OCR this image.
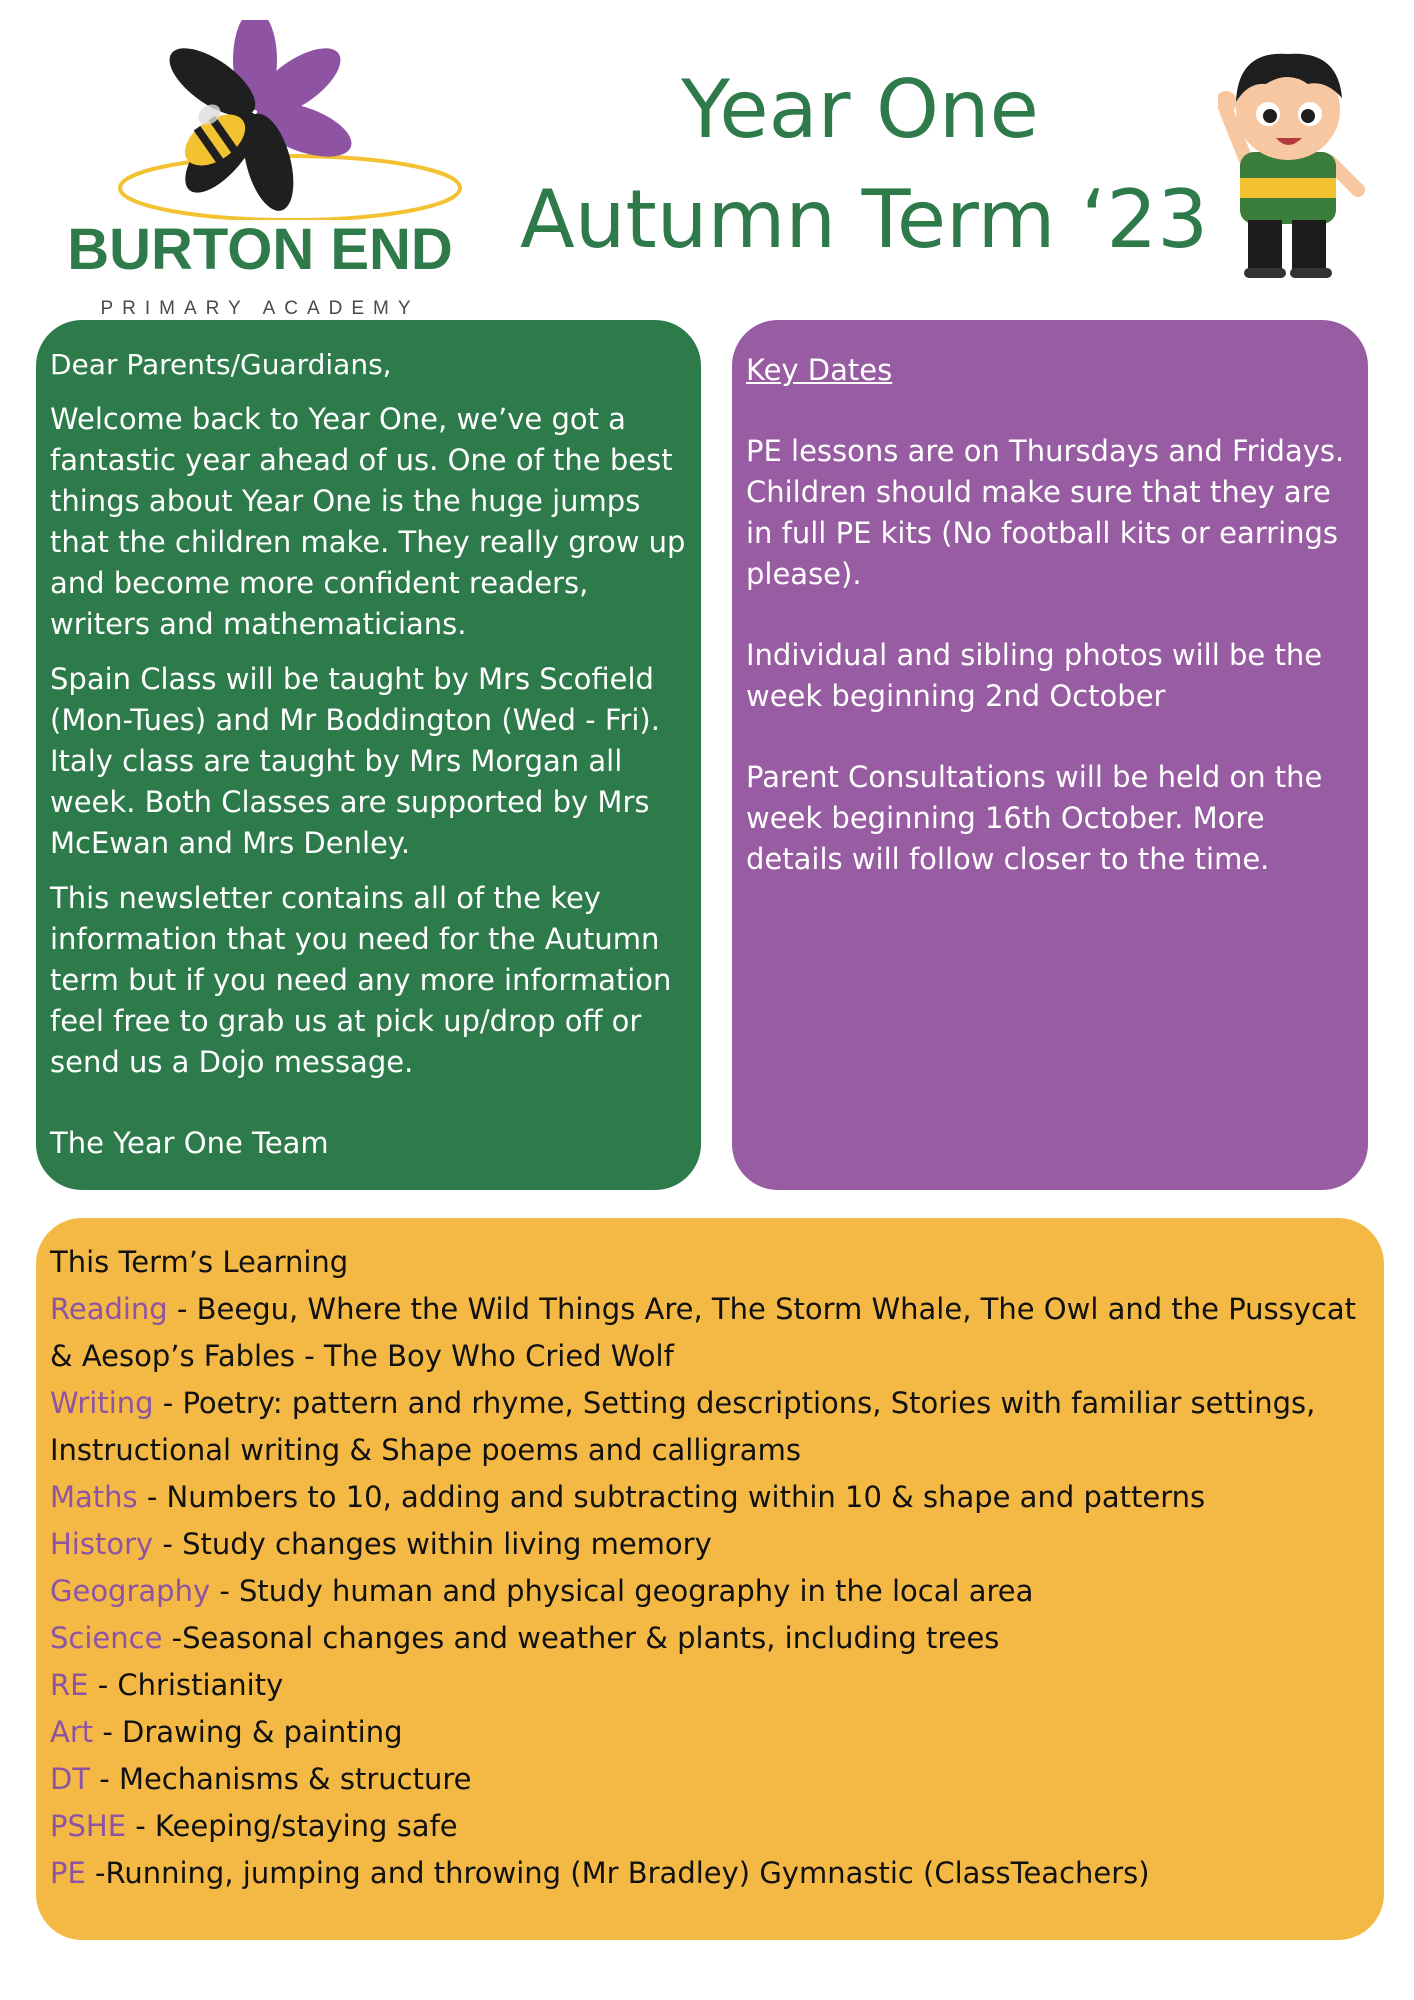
BURTON END
PRIMARY ACADEMY
Year One
Autumn Term ‘23

Dear Parents/Guardians,

Welcome back to Year One, we’ve got a fantastic year ahead of us. One of the best things about Year One is the huge jumps that the children make. They really grow up and become more confident readers, writers and mathematicians.

Spain Class will be taught by Mrs Scofield (Mon-Tues) and Mr Boddington (Wed - Fri). Italy class are taught by Mrs Morgan all week. Both Classes are supported by Mrs McEwan and Mrs Denley.

This newsletter contains all of the key information that you need for the Autumn term but if you need any more information feel free to grab us at pick up/drop off or send us a Dojo message.

The Year One Team

Key Dates

PE lessons are on Thursdays and Fridays. Children should make sure that they are in full PE kits (No football kits or earrings please).

Individual and sibling photos will be the week beginning 2nd October

Parent Consultations will be held on the week beginning 16th October. More details will follow closer to the time.

This Term’s Learning

Reading - Beegu, Where the Wild Things Are, The Storm Whale, The Owl and the Pussycat & Aesop’s Fables - The Boy Who Cried Wolf

Writing - Poetry: pattern and rhyme, Setting descriptions, Stories with familiar settings, Instructional writing & Shape poems and calligrams

Maths - Numbers to 10, adding and subtracting within 10 & shape and patterns

History - Study changes within living memory

Geography - Study human and physical geography in the local area

Science -Seasonal changes and weather & plants, including trees

RE - Christianity

Art - Drawing & painting

DT - Mechanisms & structure

PSHE - Keeping/staying safe

PE -Running, jumping and throwing (Mr Bradley) Gymnastic (ClassTeachers)
